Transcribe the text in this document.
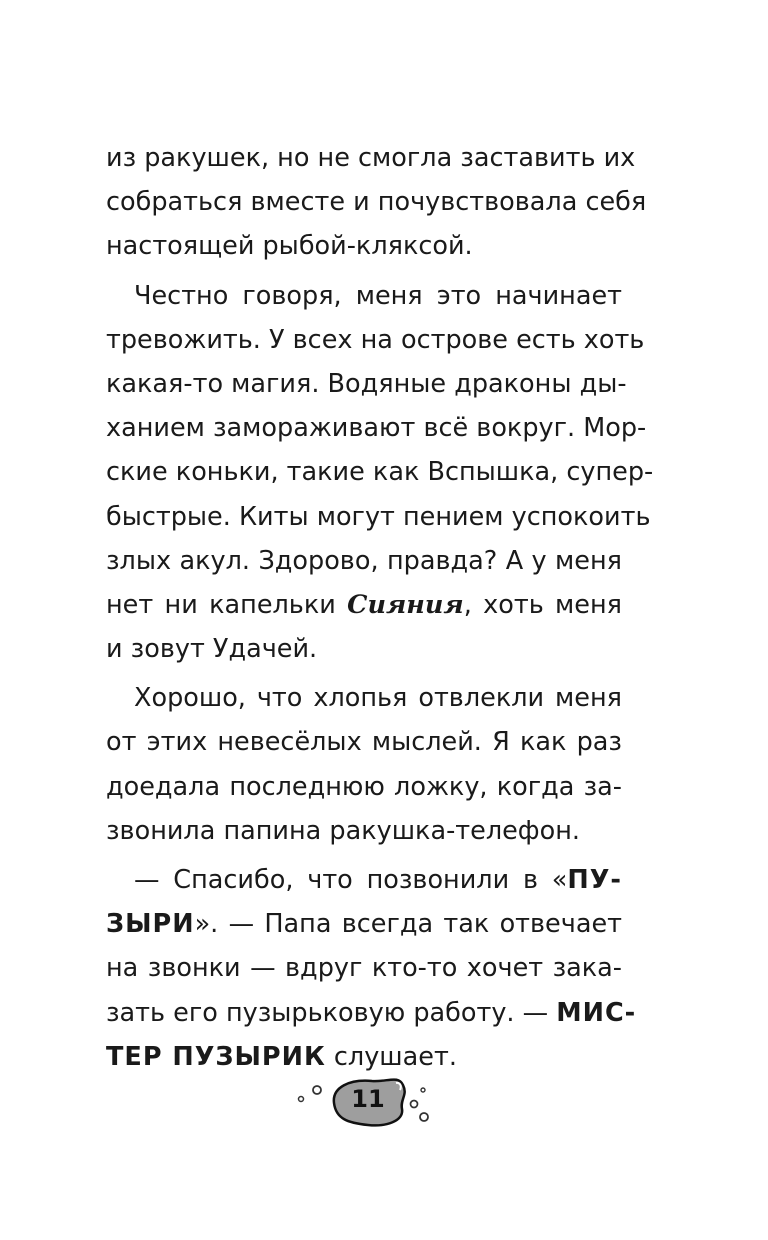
из ракушек, но не смогла заставить их
собраться вместе и почувствовала себя
настоящей рыбой-кляксой.
Честно говоря, меня это начинает
тревожить. У всех на острове есть хоть
какая-то магия. Водяные драконы ды-
ханием замораживают всё вокруг. Мор-
ские коньки, такие как Вспышка, супер-
быстрые. Киты могут пением успокоить
злых акул. Здорово, правда? А у меня
нет ни капельки Сияния, хоть меня
и зовут Удачей.
Хорошо, что хлопья отвлекли меня
от этих невесёлых мыслей. Я как раз
доедала последнюю ложку, когда за-
звонила папина ракушка-телефон.
— Спасибо, что позвонили в «ПУ-
ЗЫРИ». — Папа всегда так отвечает
на звонки — вдруг кто-то хочет зака-
зать его пузырьковую работу. — МИС-
ТЕР ПУЗЫРИК слушает.
11
